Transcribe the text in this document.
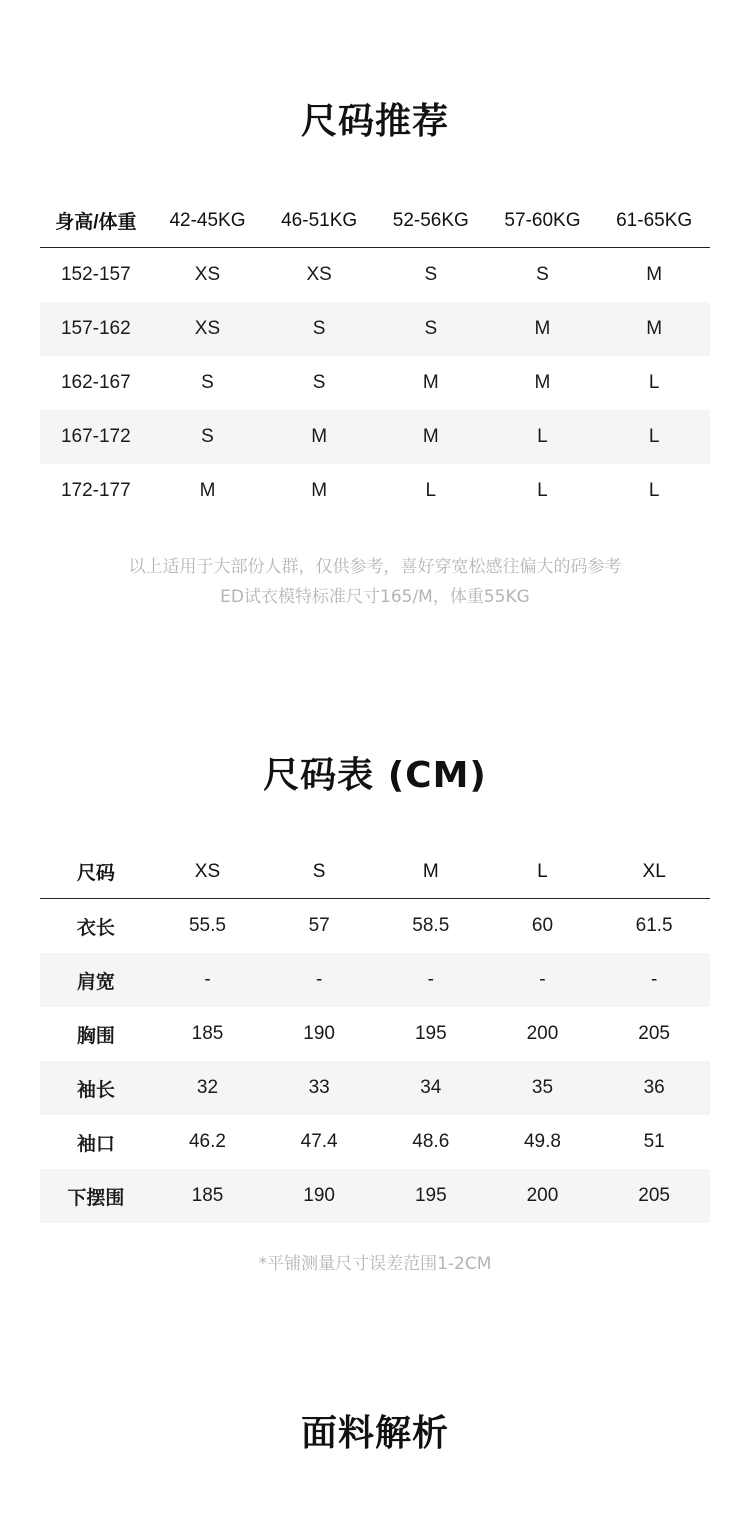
尺码推荐
身高/体重	42-45KG	46-51KG	52-56KG	57-60KG	61-65KG
152-157	XS	XS	S	S	M
157-162	XS	S	S	M	M
162-167	S	S	M	M	L
167-172	S	M	M	L	L
172-177	M	M	L	L	L
以上适用于大部份人群，仅供参考，喜好穿宽松感往偏大的码参考
ED试衣模特标准尺寸165/M，体重55KG
尺码表 (CM)
尺码	XS	S	M	L	XL
衣长	55.5	57	58.5	60	61.5
肩宽	-	-	-	-	-
胸围	185	190	195	200	205
袖长	32	33	34	35	36
袖口	46.2	47.4	48.6	49.8	51
下摆围	185	190	195	200	205
*平铺测量尺寸误差范围1-2CM
面料解析
